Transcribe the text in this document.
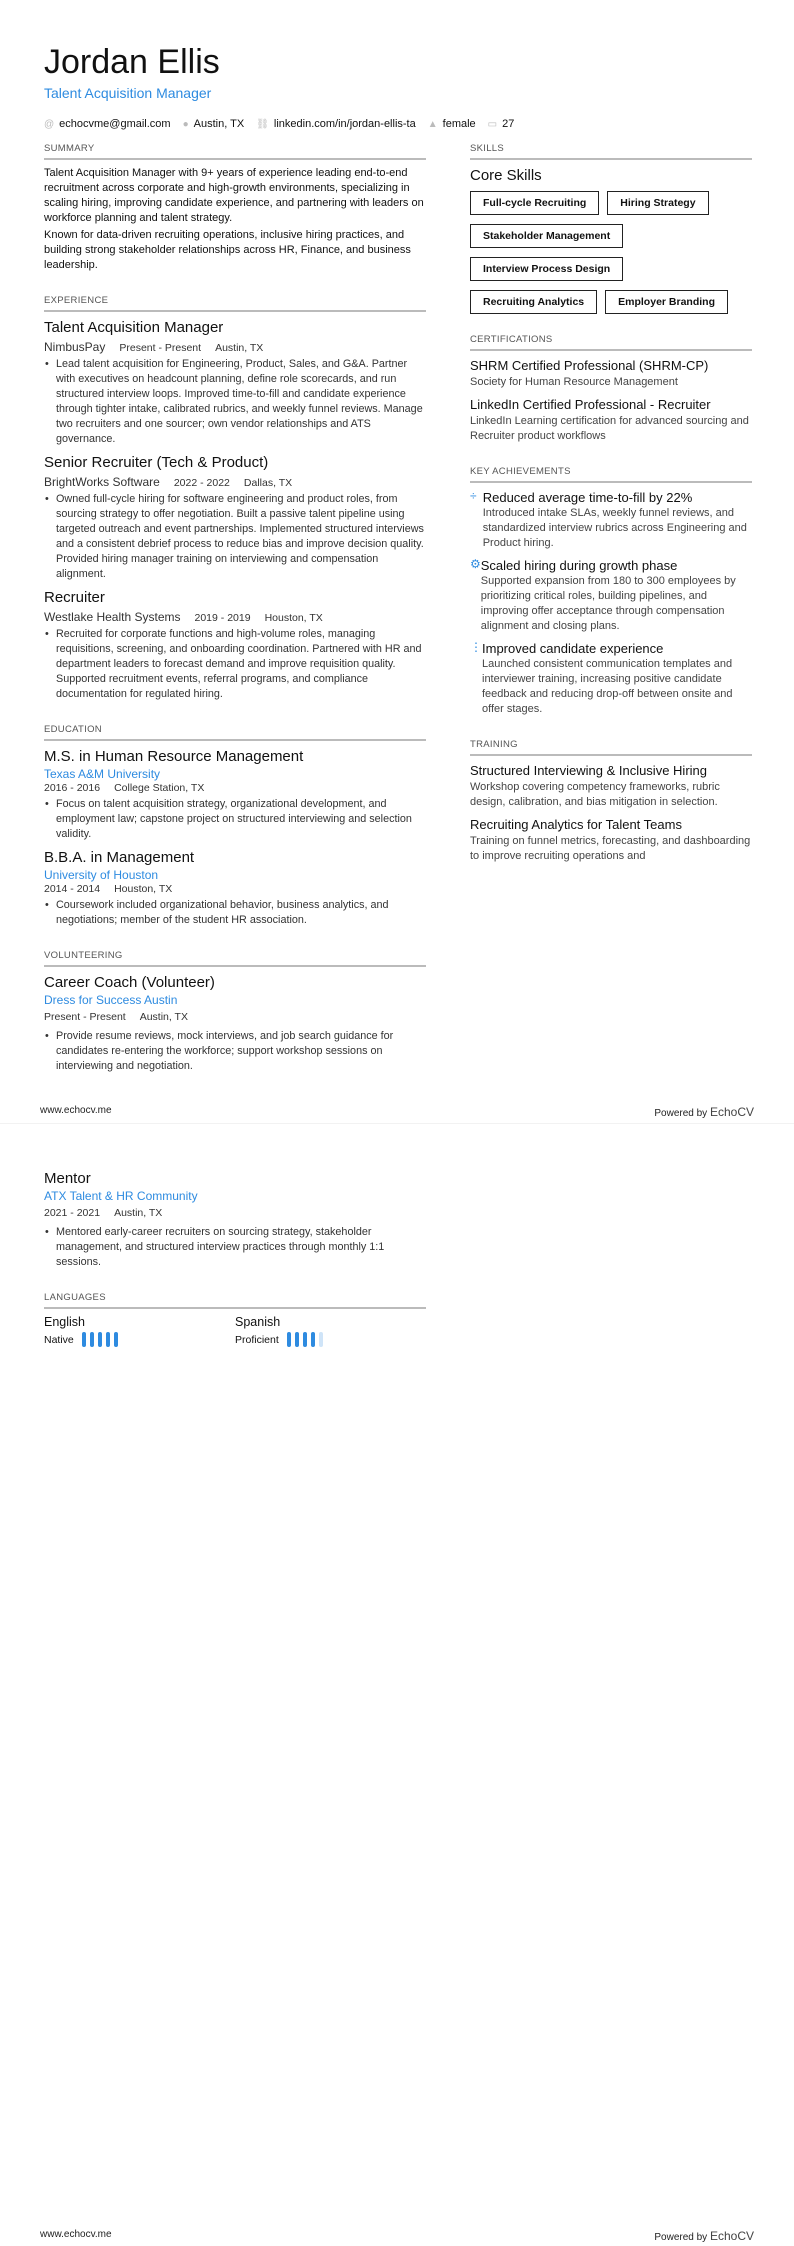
Jordan Ellis
Talent Acquisition Manager
@ echocvme@gmail.com ● Austin, TX ⛓ linkedin.com/in/jordan-ellis-ta ▲ female ▭ 27
SUMMARY

Talent Acquisition Manager with 9+ years of experience leading end-to-end recruitment across corporate and high-growth environments, specializing in scaling hiring, improving candidate experience, and partnering with leaders on workforce planning and talent strategy.

Known for data-driven recruiting operations, inclusive hiring practices, and building strong stakeholder relationships across HR, Finance, and business leadership.

EXPERIENCE
Talent Acquisition Manager
NimbusPay Present - Present Austin, TX
• Lead talent acquisition for Engineering, Product, Sales, and G&A. Partner with executives on headcount planning, define role scorecards, and run structured interview loops. Improved time-to-fill and candidate experience through tighter intake, calibrated rubrics, and weekly funnel reviews. Manage two recruiters and one sourcer; own vendor relationships and ATS governance.
Senior Recruiter (Tech & Product)
BrightWorks Software 2022 - 2022 Dallas, TX
• Owned full-cycle hiring for software engineering and product roles, from sourcing strategy to offer negotiation. Built a passive talent pipeline using targeted outreach and event partnerships. Implemented structured interviews and a consistent debrief process to reduce bias and improve decision quality. Provided hiring manager training on interviewing and compensation alignment.
Recruiter
Westlake Health Systems 2019 - 2019 Houston, TX
• Recruited for corporate functions and high-volume roles, managing requisitions, screening, and onboarding coordination. Partnered with HR and department leaders to forecast demand and improve requisition quality. Supported recruitment events, referral programs, and compliance documentation for regulated hiring.
EDUCATION
M.S. in Human Resource Management
Texas A&M University
2016 - 2016 College Station, TX
• Focus on talent acquisition strategy, organizational development, and employment law; capstone project on structured interviewing and selection validity.
B.B.A. in Management
University of Houston
2014 - 2014 Houston, TX
• Coursework included organizational behavior, business analytics, and negotiations; member of the student HR association.
VOLUNTEERING
Career Coach (Volunteer)
Dress for Success Austin
Present - Present Austin, TX
• Provide resume reviews, mock interviews, and job search guidance for candidates re-entering the workforce; support workshop sessions on interviewing and negotiation.
SKILLS
Core Skills
Full-cycle Recruiting	Hiring Strategy
Stakeholder Management
Interview Process Design
Recruiting Analytics	Employer Branding
CERTIFICATIONS
SHRM Certified Professional (SHRM-CP)
Society for Human Resource Management
LinkedIn Certified Professional - Recruiter
LinkedIn Learning certification for advanced sourcing and Recruiter product workflows
KEY ACHIEVEMENTS
÷ Reduced average time-to-fill by 22%
Introduced intake SLAs, weekly funnel reviews, and standardized interview rubrics across Engineering and Product hiring.
⚙ Scaled hiring during growth phase
Supported expansion from 180 to 300 employees by prioritizing critical roles, building pipelines, and improving offer acceptance through compensation alignment and closing plans.
⋮ Improved candidate experience
Launched consistent communication templates and interviewer training, increasing positive candidate feedback and reducing drop-off between onsite and offer stages.
TRAINING
Structured Interviewing & Inclusive Hiring
Workshop covering competency frameworks, rubric design, calibration, and bias mitigation in selection.
Recruiting Analytics for Talent Teams
Training on funnel metrics, forecasting, and dashboarding to improve recruiting operations and
www.echocv.me	Powered by EchoCV
Mentor
ATX Talent & HR Community
2021 - 2021 Austin, TX
• Mentored early-career recruiters on sourcing strategy, stakeholder management, and structured interview practices through monthly 1:1 sessions.
LANGUAGES
English
Native
Spanish
Proficient
www.echocv.me	Powered by EchoCV
